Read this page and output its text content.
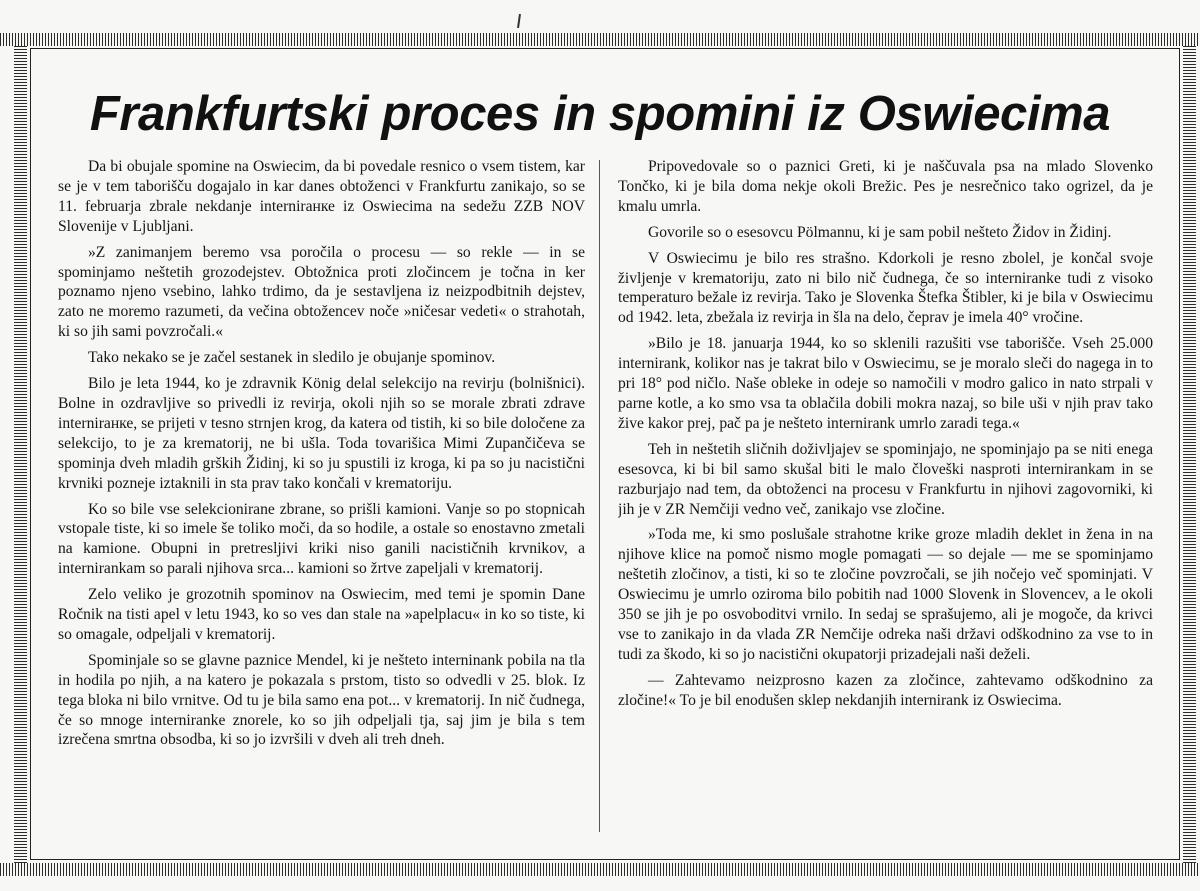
Frankfurtski proces in spomini iz Oswiecima

Da bi obujale spomine na Oswiecim, da bi povedale resnico o vsem tistem, kar se je v tem taborišču dogajalo in kar danes obtoženci v Frankfurtu zanikajo, so se 11. februarja zbrale nekdanje internirанке iz Oswiecima na sedežu ZZB NOV Slovenije v Ljubljani.

»Z zanimanjem beremo vsa poročila o procesu — so rekle — in se spominjamo neštetih grozodejstev. Obtožnica proti zločincem je točna in ker poznamo njeno vsebino, lahko trdimo, da je sestavljena iz neizpodbitnih dejstev, zato ne moremo razumeti, da večina obtožencev noče »ničesar vedeti« o strahotah, ki so jih sami povzročali.«

Tako nekako se je začel sestanek in sledilo je obujanje spominov.

Bilo je leta 1944, ko je zdravnik König delal selekcijo na revirju (bolnišnici). Bolne in ozdravljive so privedli iz revirja, okoli njih so se morale zbrati zdrave internirанке, se prijeti v tesno strnjen krog, da katera od tistih, ki so bile določene za selekcijo, to je za krematorij, ne bi ušla. Toda tovarišica Mimi Zupančičeva se spominja dveh mladih grških Židinj, ki so ju spustili iz kroga, ki pa so ju nacistični krvniki pozneje iztaknili in sta prav tako končali v krematoriju.

Ko so bile vse selekcionirane zbrane, so prišli kamioni. Vanje so po stopnicah vstopale tiste, ki so imele še toliko moči, da so hodile, a ostale so enostavno zmetali na kamione. Obupni in pretresljivi kriki niso ganili nacističnih krvnikov, a internirankam so parali njihova srca... kamioni so žrtve zapeljali v krematorij.

Zelo veliko je grozotnih spominov na Oswiecim, med temi je spomin Dane Ročnik na tisti apel v letu 1943, ko so ves dan stale na »apelplacu« in ko so tiste, ki so omagale, odpeljali v krematorij.

Spominjale so se glavne paznice Mendel, ki je nešteto interninank pobila na tla in hodila po njih, a na katero je pokazala s prstom, tisto so odvedli v 25. blok. Iz tega bloka ni bilo vrnitve. Od tu je bila samo ena pot... v krematorij. In nič čudnega, če so mnoge interniranke znorele, ko so jih odpeljali tja, saj jim je bila s tem izrečena smrtna obsodba, ki so jo izvršili v dveh ali treh dneh.

Pripovedovale so o paznici Greti, ki je naščuvala psa na mlado Slovenko Tončko, ki je bila doma nekje okoli Brežic. Pes je nesrečnico tako ogrizel, da je kmalu umrla.

Govorile so o esesovcu Pölmannu, ki je sam pobil nešteto Židov in Židinj.

V Oswiecimu je bilo res strašno. Kdorkoli je resno zbolel, je končal svoje življenje v krematoriju, zato ni bilo nič čudnega, če so interniranke tudi z visoko temperaturo bežale iz revirja. Tako je Slovenka Štefka Štibler, ki je bila v Oswiecimu od 1942. leta, zbežala iz revirja in šla na delo, čeprav je imela 40° vročine.

»Bilo je 18. januarja 1944, ko so sklenili razušiti vse taborišče. Vseh 25.000 internirank, kolikor nas je takrat bilo v Oswiecimu, se je moralo sleči do nagega in to pri 18° pod ničlo. Naše obleke in odeje so namočili v modro galico in nato strpali v parne kotle, a ko smo vsa ta oblačila dobili mokra nazaj, so bile uši v njih prav tako žive kakor prej, pač pa je nešteto internirank umrlo zaradi tega.«

Teh in neštetih sličnih doživljajev se spominjajo, ne spominjajo pa se niti enega esesovca, ki bi bil samo skušal biti le malo človeški nasproti internirankam in se razburjajo nad tem, da obtoženci na procesu v Frankfurtu in njihovi zagovorniki, ki jih je v ZR Nemčiji vedno več, zanikajo vse zločine.

»Toda me, ki smo poslušale strahotne krike groze mladih deklet in žena in na njihove klice na pomoč nismo mogle pomagati — so dejale — me se spominjamo neštetih zločinov, a tisti, ki so te zločine povzročali, se jih nočejo več spominjati. V Oswiecimu je umrlo oziroma bilo pobitih nad 1000 Slovenk in Slovencev, a le okoli 350 se jih je po osvoboditvi vrnilo. In sedaj se sprašujemo, ali je mogoče, da krivci vse to zanikajo in da vlada ZR Nemčije odreka naši državi odškodnino za vse to in tudi za škodo, ki so jo nacistični okupatorji prizadejali naši deželi.

— Zahtevamo neizprosno kazen za zločince, zahtevamo odškodnino za zločine!« To je bil enodušen sklep nekdanjih internirank iz Oswiecima.
